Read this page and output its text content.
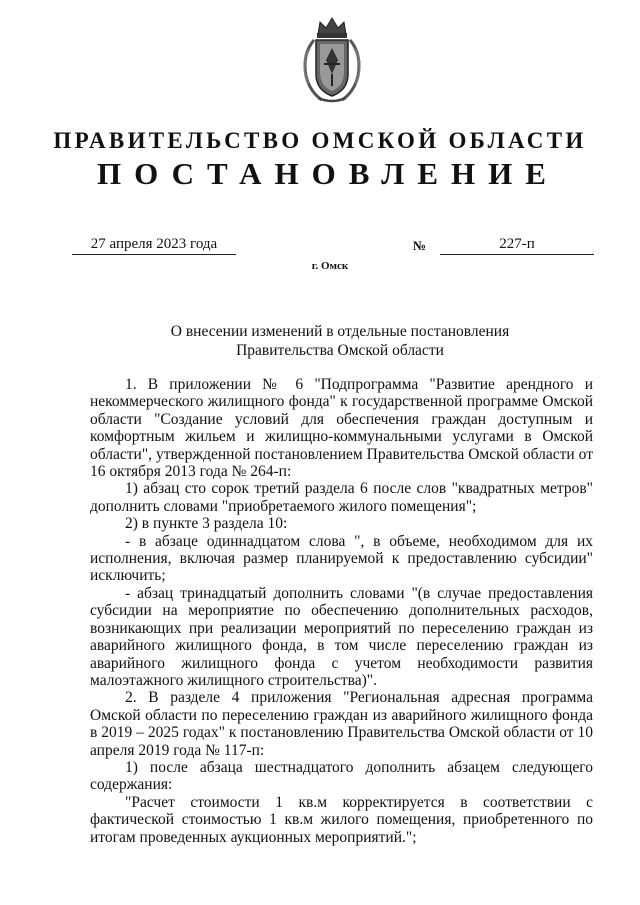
ПРАВИТЕЛЬСТВО ОМСКОЙ ОБЛАСТИ
ПОСТАНОВЛЕНИЕ
27 апреля 2023 года	№	227-п
г. Омск
О внесении изменений в отдельные постановления
Правительства Омской области

1. В приложении № 6 "Подпрограмма "Развитие арендного и некоммерческого жилищного фонда" к государственной программе Омской области "Создание условий для обеспечения граждан доступным и комфортным жильем и жилищно-коммунальными услугами в Омской области", утвержденной постановлением Правительства Омской области от 16 октября 2013 года № 264-п:

1) абзац сто сорок третий раздела 6 после слов "квадратных метров" дополнить словами "приобретаемого жилого помещения";

2) в пункте 3 раздела 10:

- в абзаце одиннадцатом слова ", в объеме, необходимом для их исполнения, включая размер планируемой к предоставлению субсидии" исключить;

- абзац тринадцатый дополнить словами "(в случае предоставления субсидии на мероприятие по обеспечению дополнительных расходов, возникающих при реализации мероприятий по переселению граждан из аварийного жилищного фонда, в том числе переселению граждан из аварийного жилищного фонда с учетом необходимости развития малоэтажного жилищного строительства)".

2. В разделе 4 приложения "Региональная адресная программа Омской области по переселению граждан из аварийного жилищного фонда в 2019 – 2025 годах" к постановлению Правительства Омской области от 10 апреля 2019 года № 117-п:

1) после абзаца шестнадцатого дополнить абзацем следующего содержания:

"Расчет стоимости 1 кв.м корректируется в соответствии с фактической стоимостью 1 кв.м жилого помещения, приобретенного по итогам проведенных аукционных мероприятий.";
